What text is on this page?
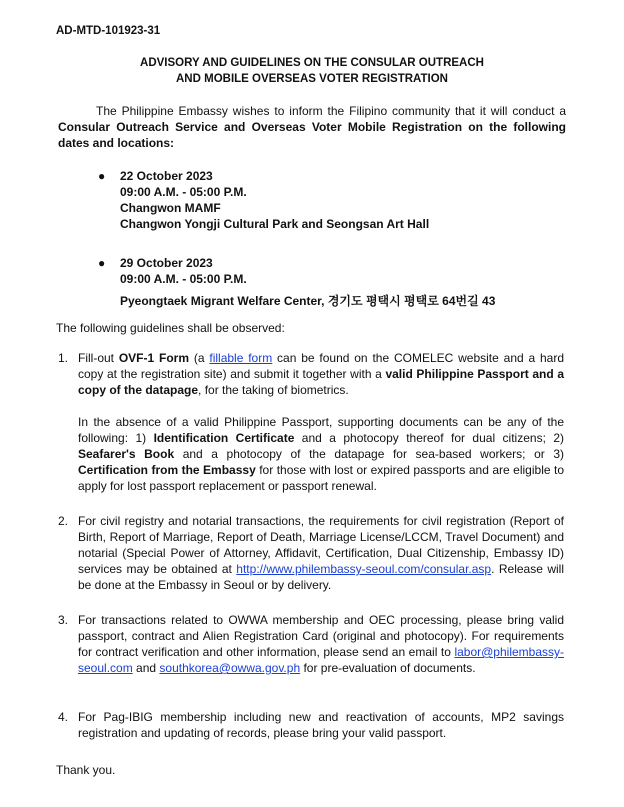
AD-MTD-101923-31
ADVISORY AND GUIDELINES ON THE CONSULAR OUTREACH
AND MOBILE OVERSEAS VOTER REGISTRATION
The Philippine Embassy wishes to inform the Filipino community that it will conduct a Consular Outreach Service and Overseas Voter Mobile Registration on the following dates and locations:
● 22 October 2023
09:00 A.M. - 05:00 P.M.
Changwon MAMF
Changwon Yongji Cultural Park and Seongsan Art Hall
● 29 October 2023
09:00 A.M. - 05:00 P.M.
Pyeongtaek Migrant Welfare Center, 경기도 평택시 평택로 64번길 43
The following guidelines shall be observed:
1. Fill-out OVF-1 Form (a fillable form can be found on the COMELEC website and a hard copy at the registration site) and submit it together with a valid Philippine Passport and a copy of the datapage, for the taking of biometrics.
In the absence of a valid Philippine Passport, supporting documents can be any of the following: 1) Identification Certificate and a photocopy thereof for dual citizens; 2) Seafarer's Book and a photocopy of the datapage for sea-based workers; or 3) Certification from the Embassy for those with lost or expired passports and are eligible to apply for lost passport replacement or passport renewal.
2. For civil registry and notarial transactions, the requirements for civil registration (Report of Birth, Report of Marriage, Report of Death, Marriage License/LCCM, Travel Document) and notarial (Special Power of Attorney, Affidavit, Certification, Dual Citizenship, Embassy ID) services may be obtained at http://www.philembassy-seoul.com/consular.asp. Release will be done at the Embassy in Seoul or by delivery.
3. For transactions related to OWWA membership and OEC processing, please bring valid passport, contract and Alien Registration Card (original and photocopy). For requirements for contract verification and other information, please send an email to labor@philembassy-seoul.com and southkorea@owwa.gov.ph for pre-evaluation of documents.
4. For Pag-IBIG membership including new and reactivation of accounts, MP2 savings registration and updating of records, please bring your valid passport.
Thank you.
